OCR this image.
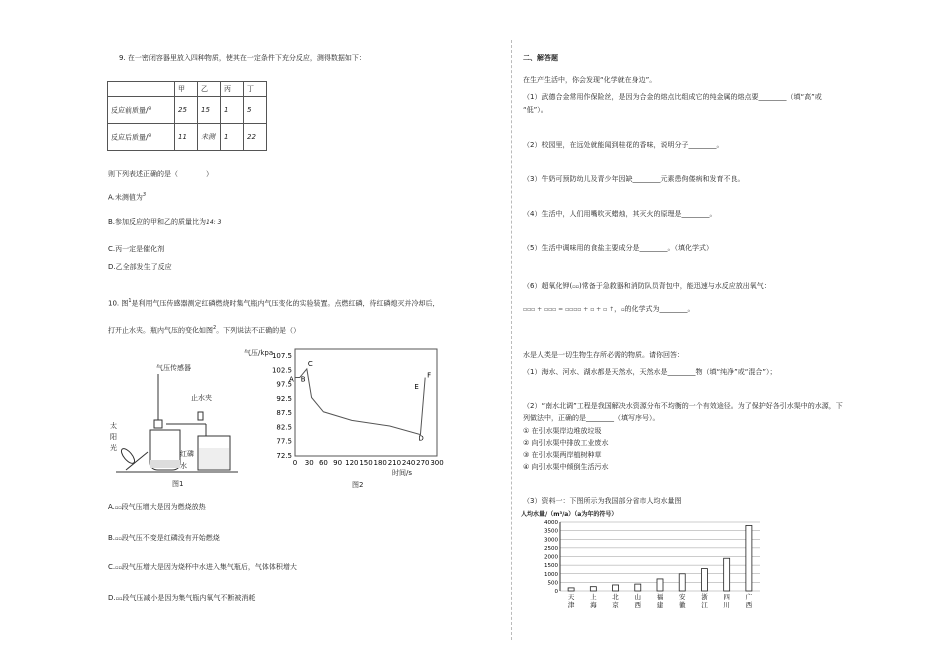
9. 在一密闭容器里放入四种物质，使其在一定条件下充分反应，测得数据如下：
	甲	乙	丙	丁
反应前质量/$^g$	25	15	1	5
反应后质量/$^g$	11	未测	1	22
则下列表述正确的是（　　　　）
A.未测值为$^3$
B.参加反应的甲和乙的质量比为14: 3
C.丙一定是催化剂
D.乙全部发生了反应
10. 图$^1$是利用气压传感器测定红磷燃烧时集气瓶内气压变化的实验装置。点燃红磷，待红磷熄灭并冷却后，
打开止水夹。瓶内气压的变化如图$^2$。下列说法不正确的是（）
气压传感器
止水夹
太
阳
光
红磷
水
图1
气压/kpa
72.5
77.5
82.5
87.5
92.5
97.5
102.5
107.5
0 30 60 90 120 150 180 210 240 270 300
A B
C
D
E
F
时间/s
图2
A.▫▫段气压增大是因为燃烧放热
B.▫▫段气压不变是红磷没有开始燃烧
C.▫▫段气压增大是因为烧杯中水进入集气瓶后，气体体积增大
D.▫▫段气压减小是因为集气瓶内氧气不断被消耗
二、解答题
在生产生活中，你会发现“化学就在身边”。
（1）武德合金常用作保险丝，是因为合金的熔点比组成它的纯金属的熔点要________（填“高”或
“低”）。
（2）校园里，在远处就能闻到桂花的香味，说明分子________。
（3）牛奶可预防幼儿及青少年因缺________元素患佝偻病和发育不良。
（4）生活中，人们用嘴吹灭蜡烛，其灭火的原理是________。
（5）生活中调味用的食盐主要成分是________。（填化学式）
（6）超氧化钾(▫▫)常备于急救器和消防队员背包中，能迅速与水反应放出氧气：
▫▫▫ + ▫▫▫ = ▫▫▫▫ + ▫ + ▫ ↑，▫的化学式为________。
水是人类是一切生物生存所必需的物质。请你回答：
（1）海水、河水、湖水都是天然水，天然水是________物（填“纯净”或“混合”）；
（2）“南水北调”工程是我国解决水资源分布不均衡的一个有效途径。为了保护好各引水渠中的水源，下
列做法中，正确的是________（填写序号）。
① 在引水渠岸边堆放垃圾
② 向引水渠中排放工业废水
③ 在引水渠两岸植树种草
④ 向引水渠中倾倒生活污水
（3）资料一：下图所示为我国部分省市人均水量图
人均水量/（m³/a）（a为年的符号）
0
500
1000
1500
2000
2500
3000
3500
4000
天
津
上
海
北
京
山
西
福
建
安
徽
浙
江
四
川
广
西
